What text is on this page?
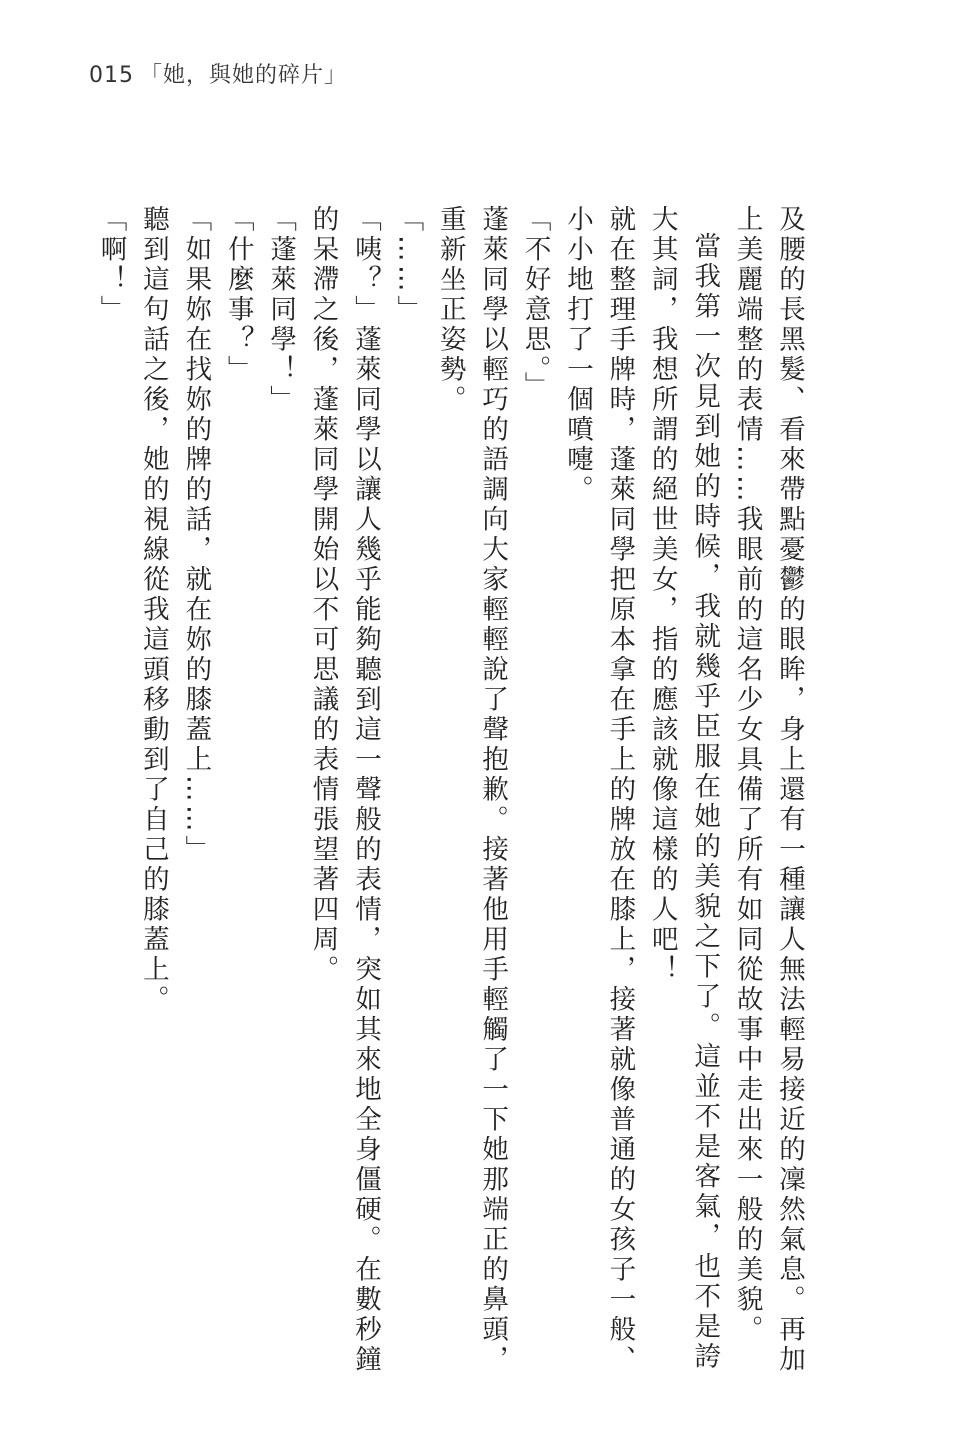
015 「她，與她的碎片」

及腰的長黑髮、看來帶點憂鬱的眼眸，身上還有一種讓人無法輕易接近的凜然氣息。再加上美麗端整的表情……我眼前的這名少女具備了所有如同從故事中走出來一般的美貌。

當我第一次見到她的時候，我就幾乎臣服在她的美貌之下了。這並不是客氣，也不是誇大其詞，我想所謂的絕世美女，指的應該就像這樣的人吧！

就在整理手牌時，蓬萊同學把原本拿在手上的牌放在膝上，接著就像普通的女孩子一般、小小地打了一個噴嚏。

「不好意思。」

蓬萊同學以輕巧的語調向大家輕輕說了聲抱歉。接著他用手輕觸了一下她那端正的鼻頭，重新坐正姿勢。

「……」

「咦？」蓬萊同學以讓人幾乎能夠聽到這一聲般的表情，突如其來地全身僵硬。在數秒鐘的呆滯之後，蓬萊同學開始以不可思議的表情張望著四周。

「蓬萊同學！」

「什麼事？」

「如果妳在找妳的牌的話，就在妳的膝蓋上……」

聽到這句話之後，她的視線從我這頭移動到了自己的膝蓋上。

「啊！」
